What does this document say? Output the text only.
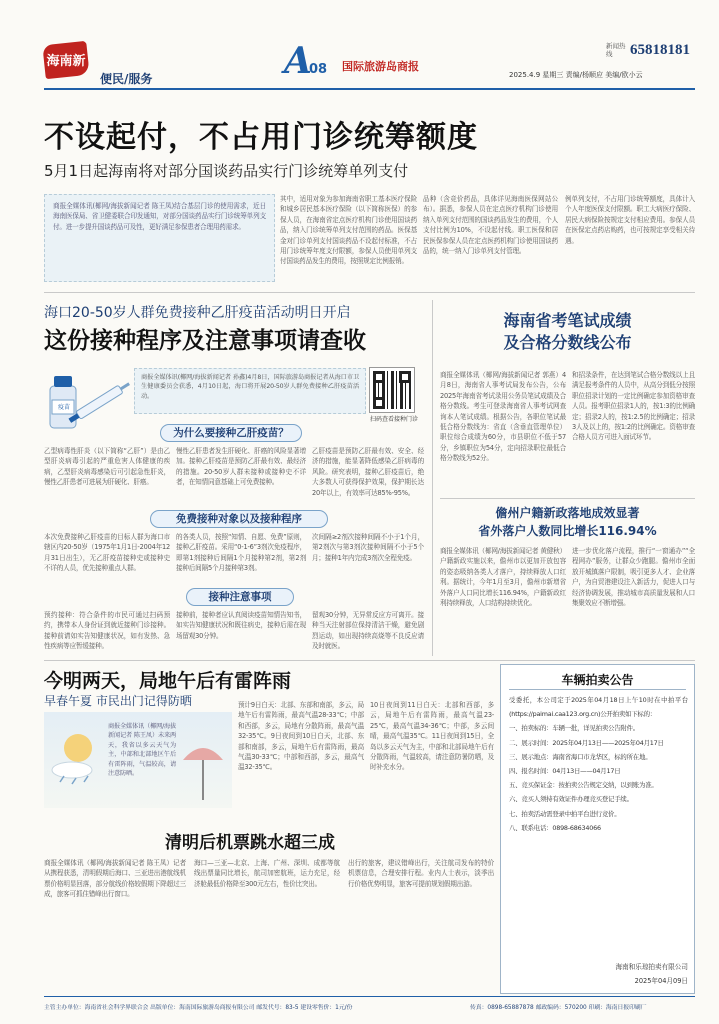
海南新
便民/服务	A
08 国际旅游岛商报
新闻热线	65818181
2025.4.9 星期三 责编/杨顺应 美编/欧小云
不设起付，不占用门诊统筹额度
5月1日起海南将对部分国谈药品实行门诊统筹单列支付
商报全媒体讯(椰网/海拔新闻记者 陈王凤)结合基层门诊的使用需求，近日海南医保局、省卫健委联合印发通知，对部分国谈药品实行门诊统筹单列支付。进一步提升国谈药品可及性，更好满足参保患者合理用药需求。
其中，适用对象为参加海南省职工基本医疗保险和城乡居民基本医疗保险（以下简称医保）的参保人员，在海南省定点医疗机构门诊使用国谈药品，纳入门诊统筹单列支付范围的药品。医保基金对门诊单列支付国谈药品不设起付标准，不占用门诊统筹年度支付限额，参保人员使用单列支付国谈药品发生的费用，按照规定比例报销。
品种（含竞价药品，具体详见海南医保网站公布）。据悉，参保人员在定点医疗机构门诊使用纳入单列支付范围的国谈药品发生的费用，个人支付比例为10%，不设起付线。职工医保和居民医保参保人员在定点医药机构门诊使用国谈药品的，统一纳入门诊单列支付管理。
例单列支付，不占用门诊统筹额度，具体计入个人年度医保支付限额。职工大病医疗保险、居民大病保险按规定支付相应费用。参保人员在医保定点药店购药，也可按规定享受相关待遇。
海口20-50岁人群免费接种乙肝疫苗活动明日开启
这份接种程序及注意事项请查收
疫苗
商报全媒体讯(椰网/海拔新闻记者 孙鑫)4月8日，国际旅游岛商报记者从海口市卫生健康委员会获悉，4月10日起，海口将开展20-50岁人群免费接种乙肝疫苗活动。
扫码查看接种门诊
为什么要接种乙肝疫苗？
乙型病毒性肝炎（以下简称“乙肝”）是由乙型肝炎病毒引起的严重危害人体健康的疾病，乙型肝炎病毒感染后可引起急性肝炎，慢性乙肝患者可进展为肝硬化、肝癌。
慢性乙肝患者发生肝硬化、肝癌的风险显著增加。接种乙肝疫苗是预防乙肝最有效、最经济的措施。20-50岁人群未接种或接种史不详者，在知情同意基础上可免费接种。
乙肝疫苗是预防乙肝最有效、安全、经济的措施，能显著降低感染乙肝病毒的风险。研究表明，接种乙肝疫苗后，绝大多数人可获得保护效果，保护期长达20年以上，有效率可达85%-95%。
免费接种对象以及接种程序
本次免费接种乙肝疫苗的目标人群为海口市辖区内20-50岁（1975年1月1日-2004年12月31日出生），无乙肝疫苗接种史或接种史不详的人员，优先接种重点人群。
的各类人员，按照“知情、自愿、免费”原则，接种乙肝疫苗。采用“0-1-6”3剂次免疫程序，即第1剂接种后间隔1个月接种第2剂，第2剂接种后间隔5个月接种第3剂。
次间隔≥2剂次接种间隔不小于1个月，第2剂次与第3剂次接种间隔不小于5个月；接种1年内完成3剂次全程免疫。
接种注意事项
预约接种：符合条件的市民可通过扫码预约，携带本人身份证到就近接种门诊接种。接种前请如实告知健康状况，如有发热、急性疾病等应暂缓接种。
接种前，接种者应认真阅读疫苗知情告知书，如实告知健康状况和既往病史，接种后需在现场留观30分钟。
留观30分钟，无异常反应方可离开。接种当天注射部位保持清洁干燥，避免剧烈运动，如出现持续高烧等不良反应请及时就医。
海南省考笔试成绩
及合格分数线公布
商报全媒体讯（椰网/海拔新闻记者 郭燕）4月8日，海南省人事考试局发布公告，公布2025年海南省考试录用公务员笔试成绩及合格分数线。考生可登录海南省人事考试网查询本人笔试成绩。根据公告，各职位笔试最低合格分数线为：省直（含垂直管理单位）职位综合成绩为60分，市县职位不低于57分，乡镇职位为54分，定向招录职位最低合格分数线为52分。
和招录条件，在达到笔试合格分数线以上且满足报考条件的人员中，从高分到低分按照职位招录计划的一定比例确定参加资格审查人员。报考职位招录1人的，按1:3的比例确定；招录2人的，按1:2.5的比例确定；招录3人及以上的，按1:2的比例确定。资格审查合格人员方可进入面试环节。
儋州户籍新政落地成效显著
省外落户人数同比增长116.94%
商报全媒体讯（椰网/海拔新闻记者 黄健秋）户籍新政实施以来，儋州市以更加开放包容的姿态吸纳各类人才落户，持续释放人口红利。据统计，今年1月至3月，儋州市新增省外落户人口同比增长116.94%，户籍新政红利持续释放，人口结构持续优化。
进一步优化落户流程，推行“一窗通办”“全程网办”服务，让群众少跑腿。儋州市全面放开城镇落户限制，吸引更多人才、企业落户，为自贸港建设注入新活力，促进人口与经济协调发展，推动城市高质量发展和人口集聚效应不断增强。
今明两天，局地午后有雷阵雨
早春午夏 市民出门记得防晒
商报全媒体讯（椰网/海拔新闻记者 陈王凤）未来两天，我省以多云天气为主，中部和北部地区午后有雷阵雨，气温较高，请注意防晒。
预计9日白天：北部、东部和南部，多云，局地午后有雷阵雨，最高气温28-33℃；中部和西部，多云，局地有分散阵雨，最高气温32-35℃。9日夜间到10日白天，北部、东部和南部，多云，局地午后有雷阵雨，最高气温30-33℃；中部和西部，多云，最高气温32-35℃。
10日夜间到11日白天：北部和西部，多云，局地午后有雷阵雨，最高气温23-25℃，最高气温34-36℃；中部，多云间晴，最高气温35℃。11日夜间到15日，全岛以多云天气为主，中部和北部局地午后有分散阵雨，气温较高，请注意防暑防晒，及时补充水分。
清明后机票跳水超三成
商报全媒体讯（椰网/海拔新闻记者 陈王凤）记者从携程获悉，清明假期后海口、三亚进出港航线机票价格明显回落，部分航线价格较假期下降超过三成，旅客可抓住错峰出行窗口。
海口—三亚—北京、上海、广州、深圳、成都等航线出票量同比增长，航司加密航班，运力充足，经济舱最低价格降至300元左右，性价比突出。
出行的旅客，建议错峰出行，关注航司发布的特价机票信息，合理安排行程。业内人士表示，淡季出行价格优势明显，旅客可提前规划假期出游。
车辆拍卖公告
受委托，本公司定于2025年04月18日上午10时在中拍平台(https://paimai.caa123.org.cn)公开拍卖如下标的：
一、拍卖标的：车辆一批，详见拍卖公告附件。
二、展示时间：2025年04月13日——2025年04月17日
三、展示地点：海南省海口市龙华区，标的所在地。
四、报名时间：04月13日——04月17日
五、竞买保证金：按拍卖公告规定交纳，以到账为准。
六、竞买人须持有效证件办理竞买登记手续。
七、拍卖活动需登录中拍平台进行竞价。
八、联系电话：0898-68634066
海南和乐琼拍卖有限公司
2025年04月09日
主管主办单位：海南省社会科学界联合会 出版单位：海南国际旅游岛商报有限公司 邮发代号：83-5 建设零售价：1元/份	传真：0898-65887878 邮政编码：570200 印刷：海南日报印刷厂
